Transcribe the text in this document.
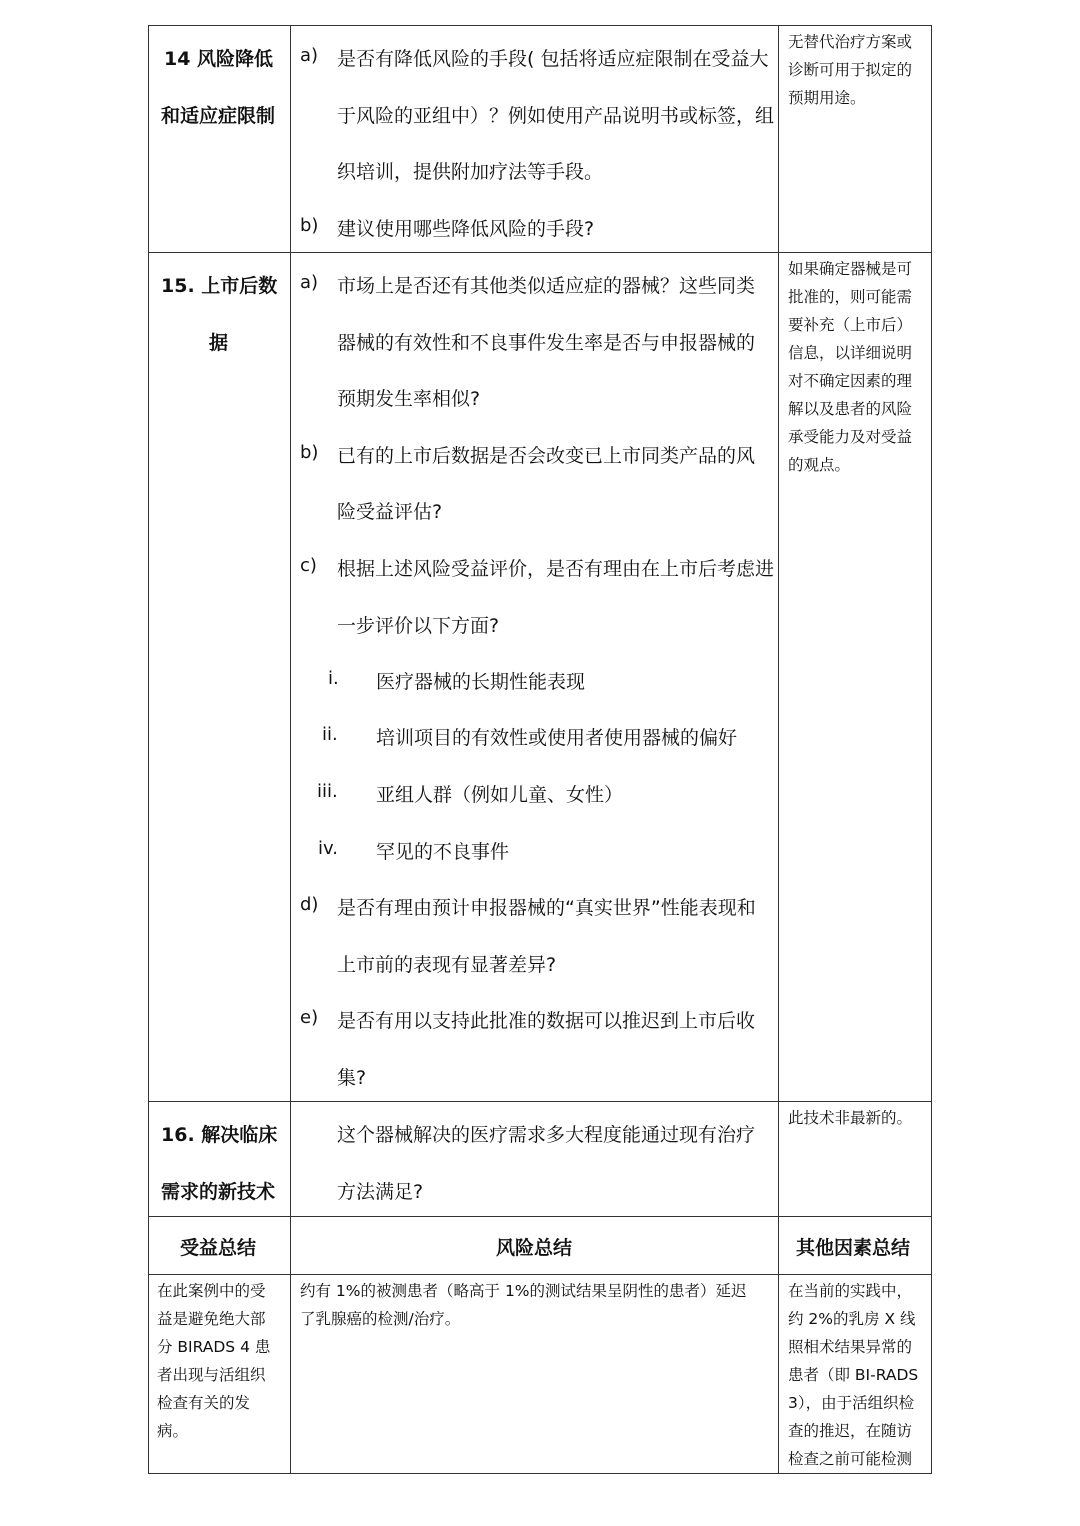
14 风险降低
和适应症限制
a) 是否有降低风险的手段( 包括将适应症限制在受益大
于风险的亚组中）？例如使用产品说明书或标签，组
织培训，提供附加疗法等手段。
b) 建议使用哪些降低风险的手段?
无替代治疗方案或
诊断可用于拟定的
预期用途。
15. 上市后数
据
a) 市场上是否还有其他类似适应症的器械？这些同类
器械的有效性和不良事件发生率是否与申报器械的
预期发生率相似?
b) 已有的上市后数据是否会改变已上市同类产品的风
险受益评估?
c) 根据上述风险受益评价，是否有理由在上市后考虑进
一步评价以下方面?
i. 医疗器械的长期性能表现
ii. 培训项目的有效性或使用者使用器械的偏好
iii. 亚组人群（例如儿童、女性）
iv. 罕见的不良事件
d) 是否有理由预计申报器械的“真实世界”性能表现和
上市前的表现有显著差异?
e) 是否有用以支持此批准的数据可以推迟到上市后收
集?
如果确定器械是可
批准的，则可能需
要补充（上市后）
信息，以详细说明
对不确定因素的理
解以及患者的风险
承受能力及对受益
的观点。
16. 解决临床
需求的新技术
这个器械解决的医疗需求多大程度能通过现有治疗
方法满足?
此技术非最新的。
受益总结	风险总结	其他因素总结
在此案例中的受
益是避免绝大部
分 BIRADS 4 患
者出现与活组织
检查有关的发
病。
约有 1%的被测患者（略高于 1%的测试结果呈阴性的患者）延迟
了乳腺癌的检测/治疗。
在当前的实践中，
约 2%的乳房 X 线
照相术结果异常的
患者（即 BI-RADS
3），由于活组织检
查的推迟，在随访
检查之前可能检测
